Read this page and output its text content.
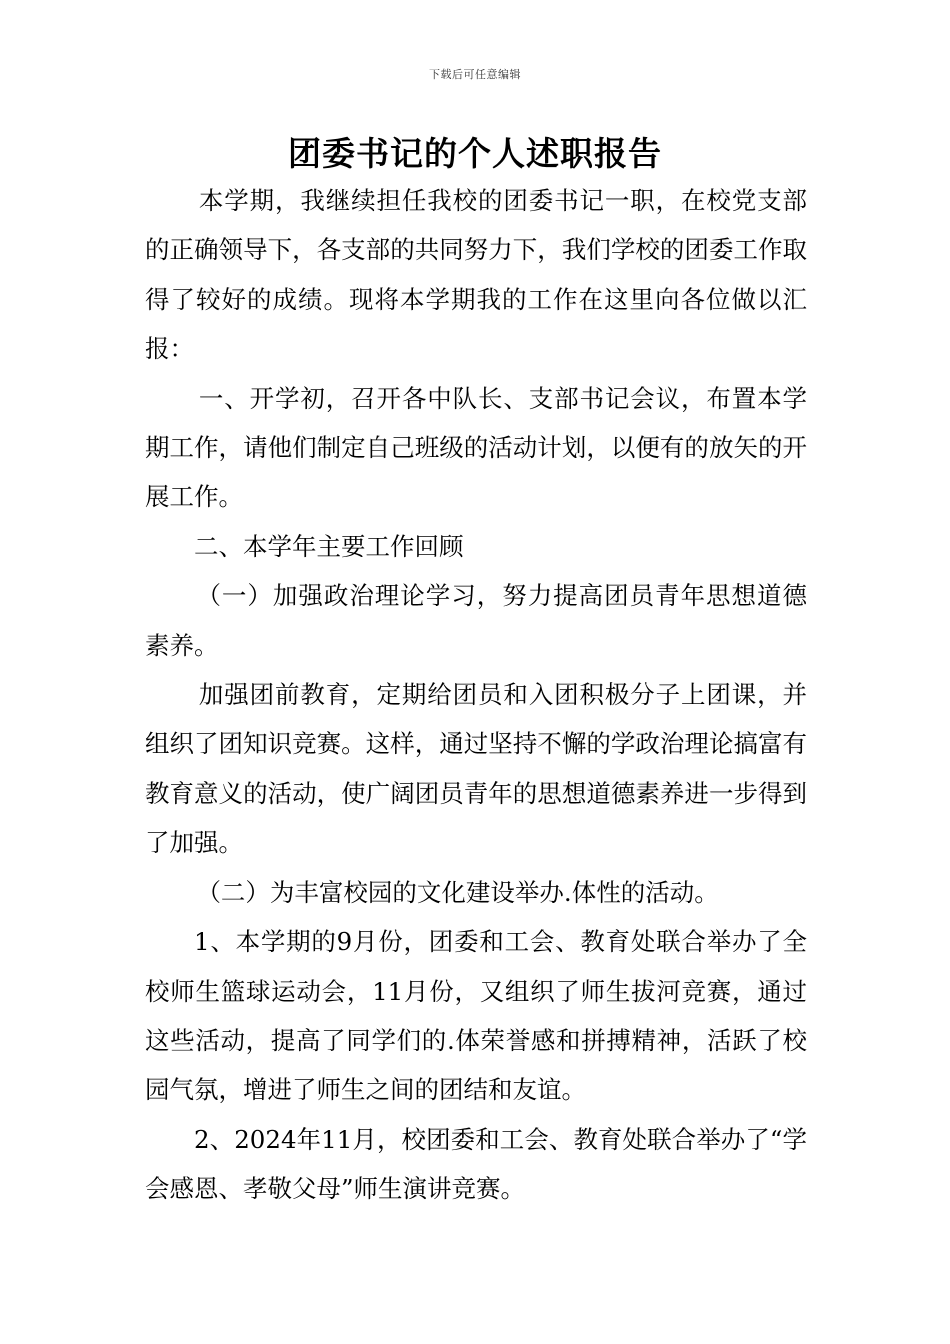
下载后可任意编辑
团委书记的个人述职报告

本学期，我继续担任我校的团委书记一职，在校党支部的正确领导下，各支部的共同努力下，我们学校的团委工作取得了较好的成绩。现将本学期我的工作在这里向各位做以汇报：

一、开学初，召开各中队长、支部书记会议，布置本学期工作，请他们制定自己班级的活动计划，以便有的放矢的开展工作。

二、本学年主要工作回顾

（一）加强政治理论学习，努力提高团员青年思想道德素养。

加强团前教育，定期给团员和入团积极分子上团课，并组织了团知识竞赛。这样，通过坚持不懈的学政治理论搞富有教育意义的活动，使广阔团员青年的思想道德素养进一步得到了加强。

（二）为丰富校园的文化建设举办.体性的活动。

1、本学期的9月份，团委和工会、教育处联合举办了全校师生篮球运动会，11月份，又组织了师生拔河竞赛，通过这些活动，提高了同学们的.体荣誉感和拼搏精神，活跃了校园气氛，增进了师生之间的团结和友谊。

2、2024年11月，校团委和工会、教育处联合举办了“学会感恩、孝敬父母”师生演讲竞赛。
